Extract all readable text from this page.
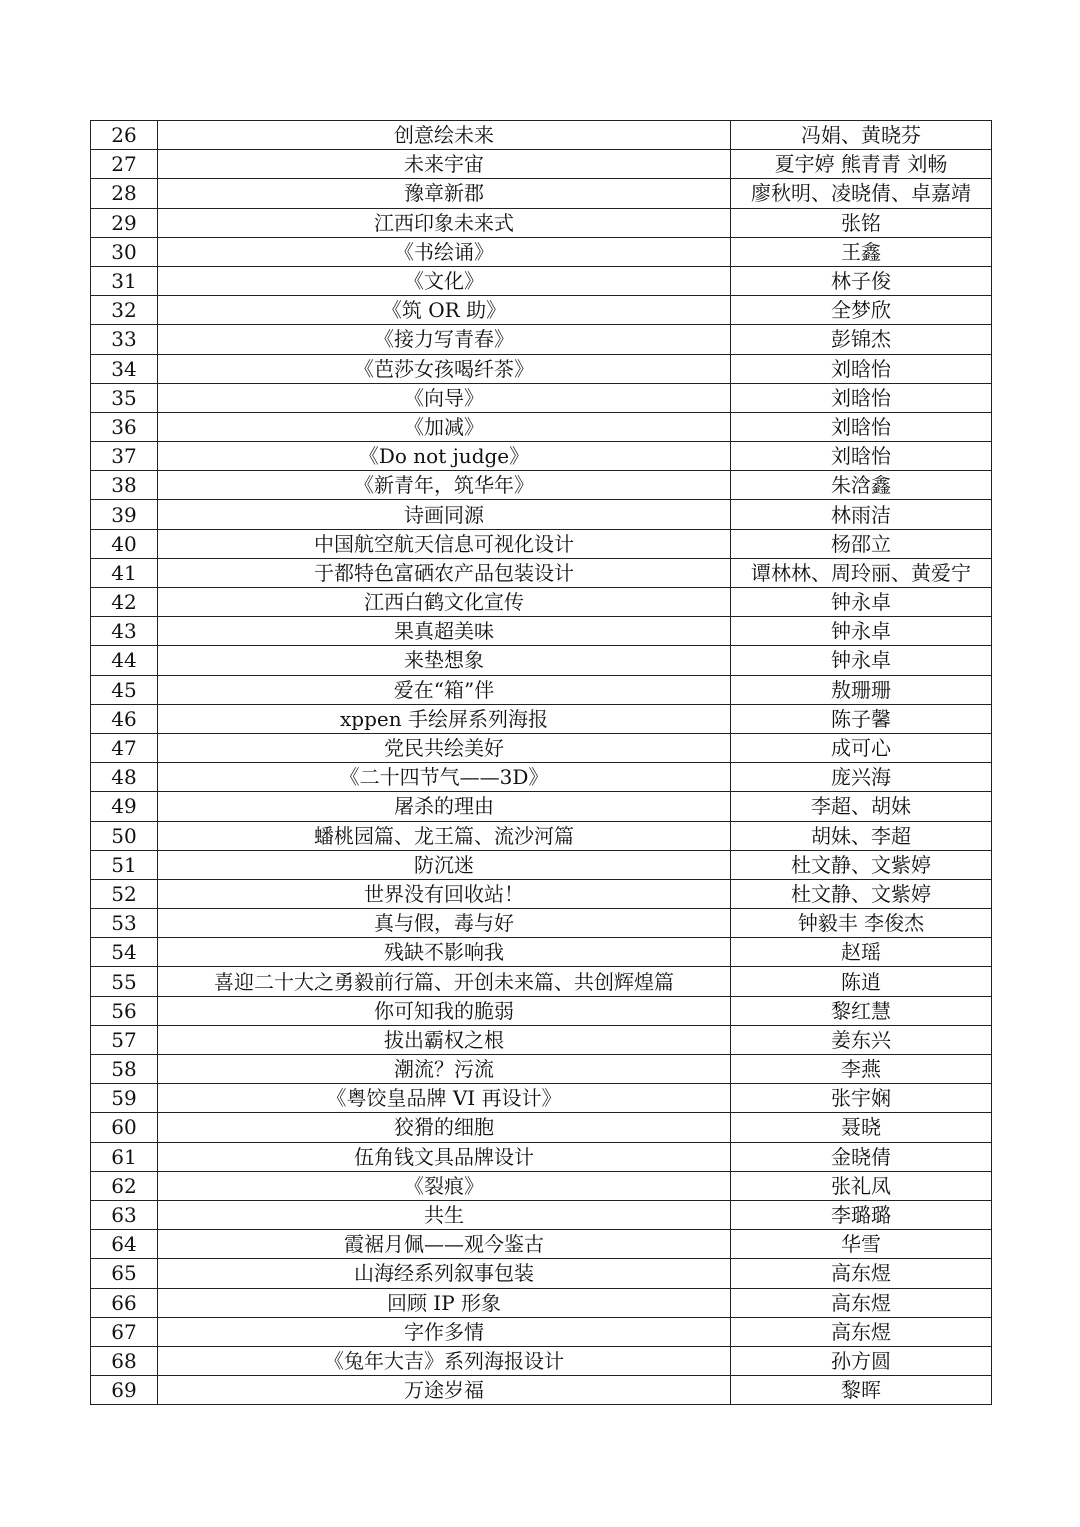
26	创意绘未来	冯娟、黄晓芬
27	未来宇宙	夏宇婷 熊青青 刘畅
28	豫章新郡	廖秋明、凌晓倩、卓嘉靖
29	江西印象未来式	张铭
30	《书绘诵》	王鑫
31	《文化》	林子俊
32	《筑 OR 助》	全梦欣
33	《接力写青春》	彭锦杰
34	《芭莎女孩喝纤茶》	刘晗怡
35	《向导》	刘晗怡
36	《加减》	刘晗怡
37	《Do not judge》	刘晗怡
38	《新青年，筑华年》	朱浛鑫
39	诗画同源	林雨洁
40	中国航空航天信息可视化设计	杨邵立
41	于都特色富硒农产品包装设计	谭林林、周玲丽、黄爱宁
42	江西白鹤文化宣传	钟永卓
43	果真超美味	钟永卓
44	来垫想象	钟永卓
45	爱在“箱”伴	敖珊珊
46	xppen 手绘屏系列海报	陈子馨
47	党民共绘美好	成可心
48	《二十四节气——3D》	庞兴海
49	屠杀的理由	李超、胡妹
50	蟠桃园篇、龙王篇、流沙河篇	胡妹、李超
51	防沉迷	杜文静、文紫婷
52	世界没有回收站！	杜文静、文紫婷
53	真与假，毒与好	钟毅丰 李俊杰
54	残缺不影响我	赵瑶
55	喜迎二十大之勇毅前行篇、开创未来篇、共创辉煌篇	陈逍
56	你可知我的脆弱	黎红慧
57	拔出霸权之根	姜东兴
58	潮流？污流	李燕
59	《粤饺皇品牌 VI 再设计》	张宇娴
60	狡猾的细胞	聂晓
61	伍角钱文具品牌设计	金晓倩
62	《裂痕》	张礼凤
63	共生	李璐璐
64	霞裾月佩——观今鉴古	华雪
65	山海经系列叙事包装	高东煜
66	回顾 IP 形象	高东煜
67	字作多情	高东煜
68	《兔年大吉》系列海报设计	孙方圆
69	万途岁福	黎晖
